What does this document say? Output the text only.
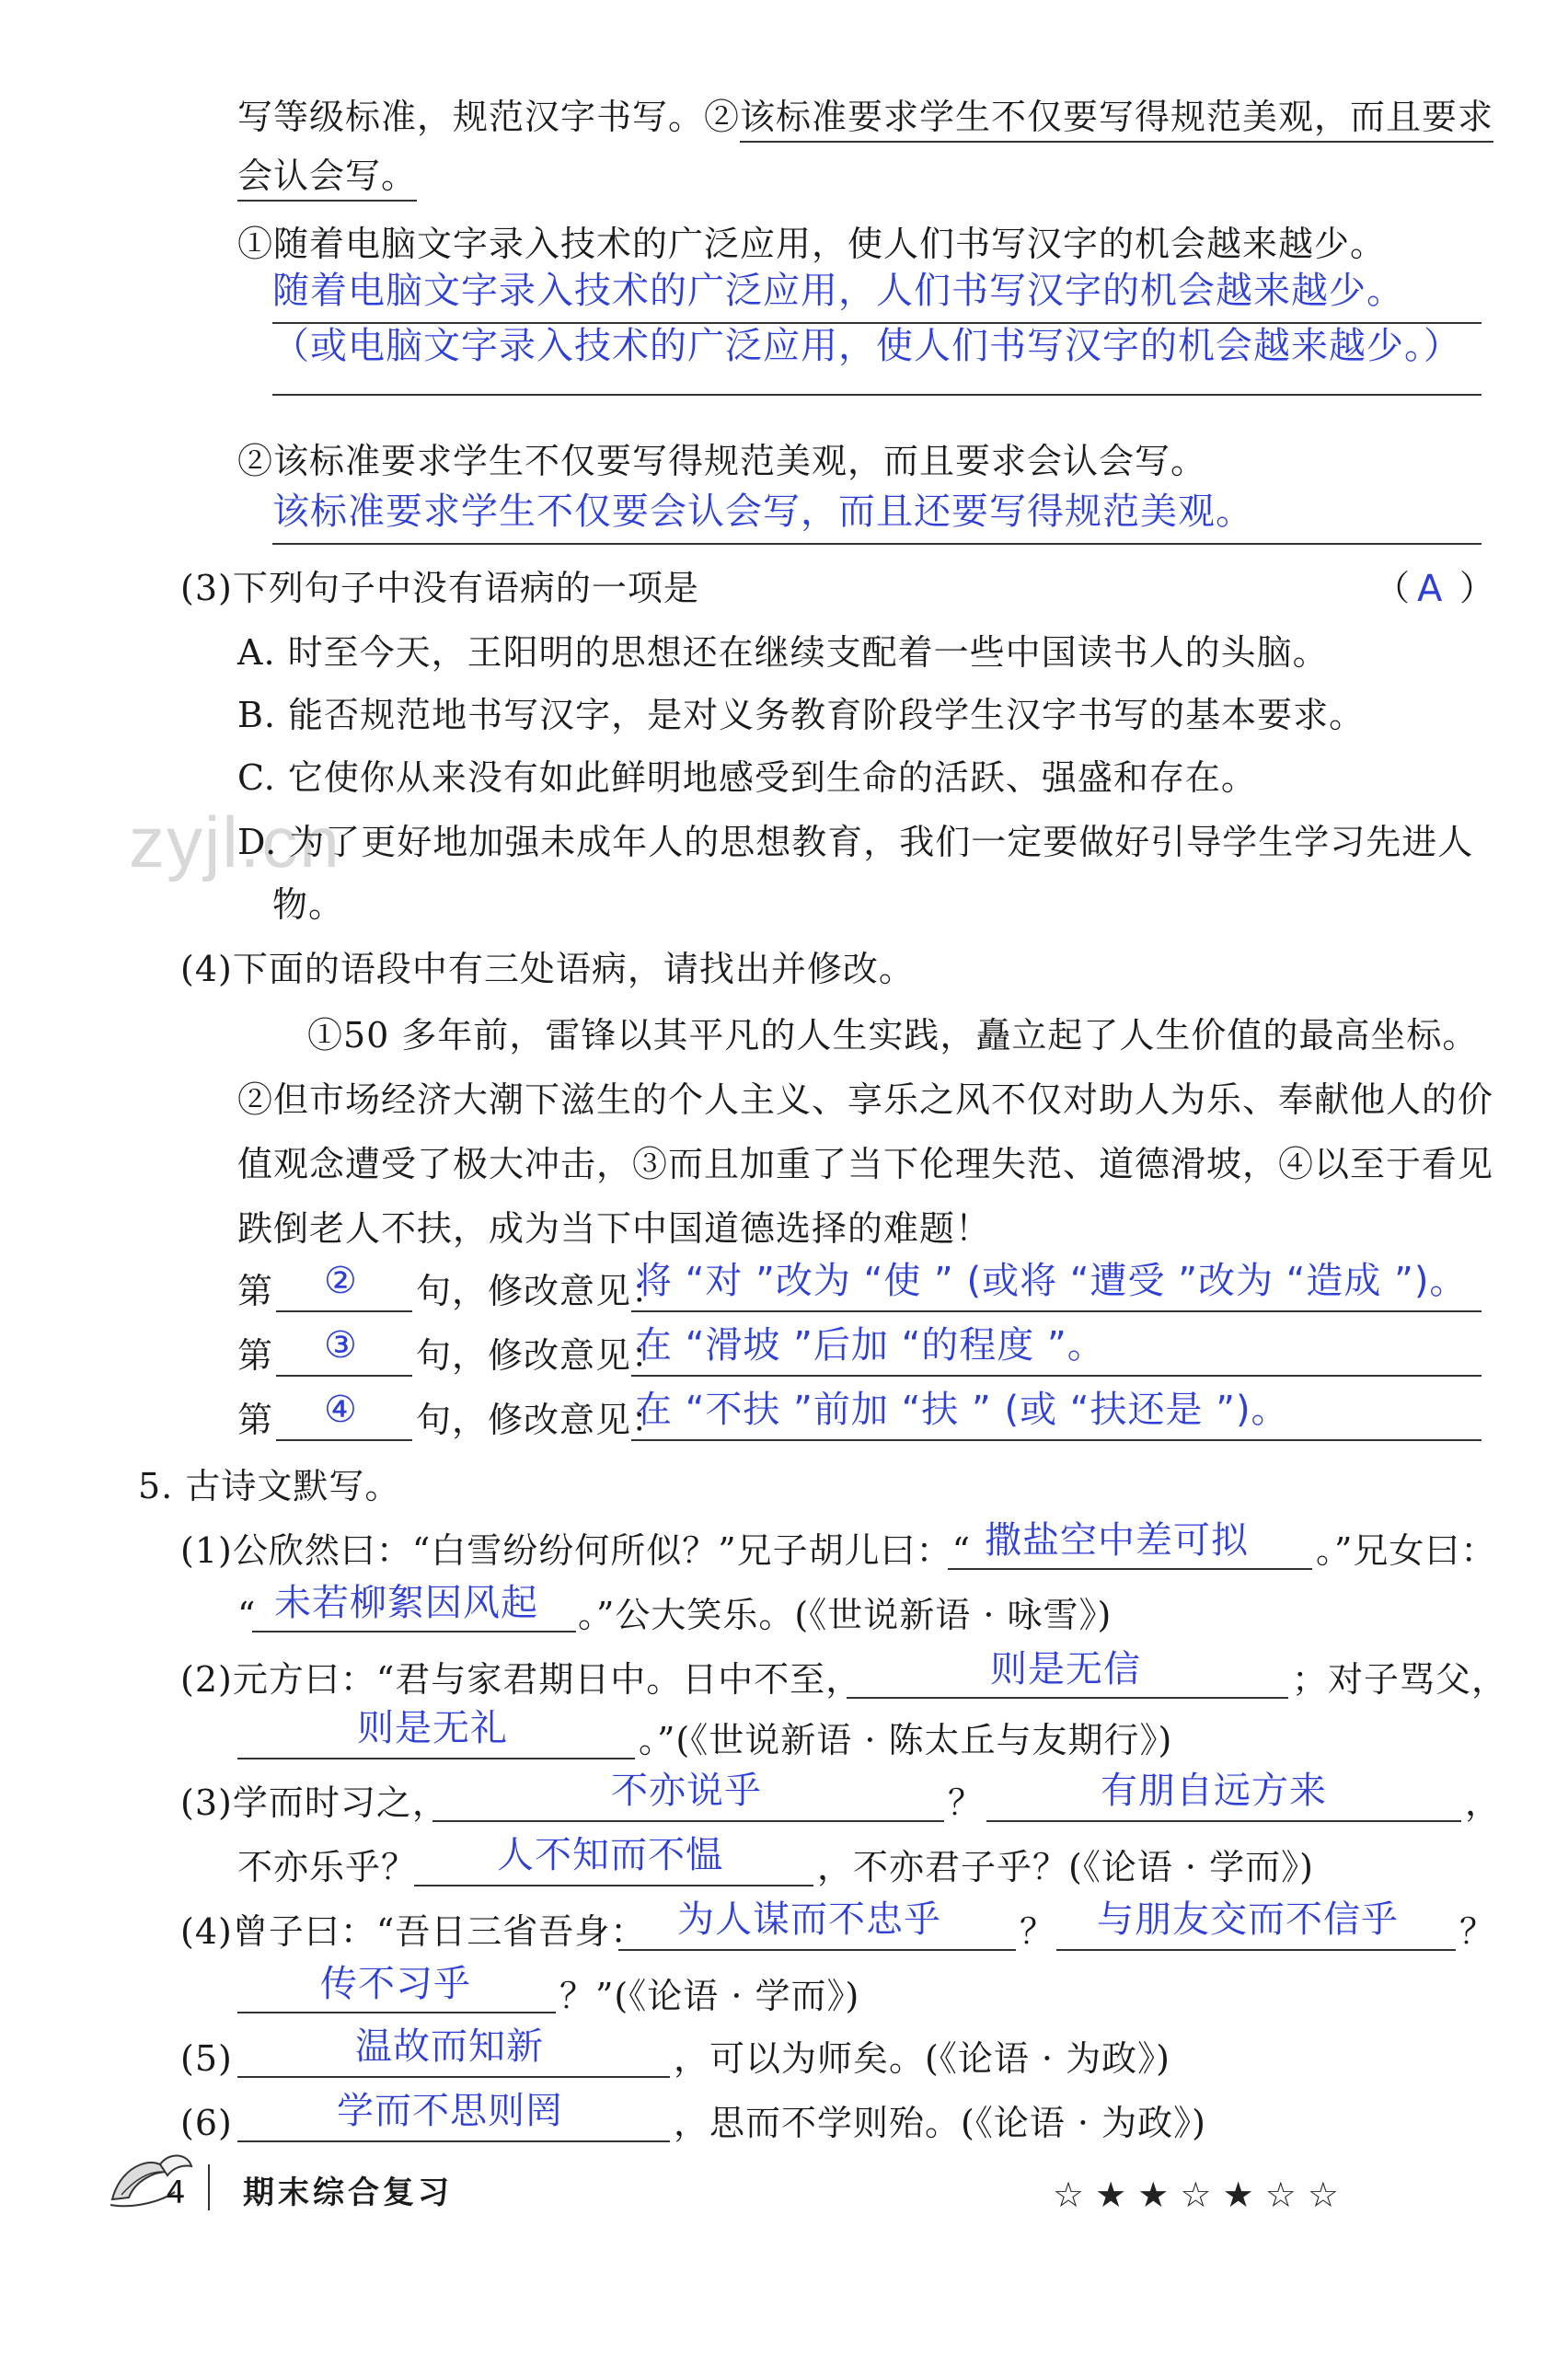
zyjl.cn
写等级标准，规范汉字书写。②该标准要求学生不仅要写得规范美观，而且要求
会认会写。
①随着电脑文字录入技术的广泛应用，使人们书写汉字的机会越来越少。
随着电脑文字录入技术的广泛应用，人们书写汉字的机会越来越少。
（或电脑文字录入技术的广泛应用，使人们书写汉字的机会越来越少。）
②该标准要求学生不仅要写得规范美观，而且要求会认会写。
该标准要求学生不仅要会认会写，而且还要写得规范美观。
(3)下列句子中没有语病的一项是	（ A ）
A. 时至今天，王阳明的思想还在继续支配着一些中国读书人的头脑。
B. 能否规范地书写汉字，是对义务教育阶段学生汉字书写的基本要求。
C. 它使你从来没有如此鲜明地感受到生命的活跃、强盛和存在。
D. 为了更好地加强未成年人的思想教育，我们一定要做好引导学生学习先进人
物。
(4)下面的语段中有三处语病，请找出并修改。
①50 多年前，雷锋以其平凡的人生实践，矗立起了人生价值的最高坐标。
②但市场经济大潮下滋生的个人主义、享乐之风不仅对助人为乐、奉献他人的价
值观念遭受了极大冲击，③而且加重了当下伦理失范、道德滑坡，④以至于看见
跌倒老人不扶，成为当下中国道德选择的难题！
第 ② 句，修改意见：
将 “对 ”改为 “使 ” (或将 “遭受 ”改为 “造成 ”)。
第 ③ 句，修改意见：
在 “滑坡 ”后加 “的程度 ”。
第 ④ 句，修改意见：
在 “不扶 ”前加 “扶 ” (或 “扶还是 ”)。
5. 古诗文默写。
(1)公欣然曰：“白雪纷纷何所似？”兄子胡儿曰：“ 撒盐空中差可拟 。”兄女曰：
“ 未若柳絮因风起 。”公大笑乐。(《世说新语 · 咏雪》)
(2)元方曰：“君与家君期日中。日中不至，	则是无信	；对子骂父，
则是无礼	。”(《世说新语 · 陈太丘与友期行》)
(3)学而时习之，	不亦说乎	？	有朋自远方来	，
不亦乐乎？ 人不知而不愠	，不亦君子乎？(《论语 · 学而》)
(4)曾子曰：“吾日三省吾身： 为人谋而不忠乎 ？ 与朋友交而不信乎 ？
传不习乎	？”(《论语 · 学而》)
(5)	温故而知新	，可以为师矣。(《论语 · 为政》)
(6)	学而不思则罔	，思而不学则殆。(《论语 · 为政》)
4 期末综合复习	☆ ★ ★ ☆ ★ ☆ ☆
